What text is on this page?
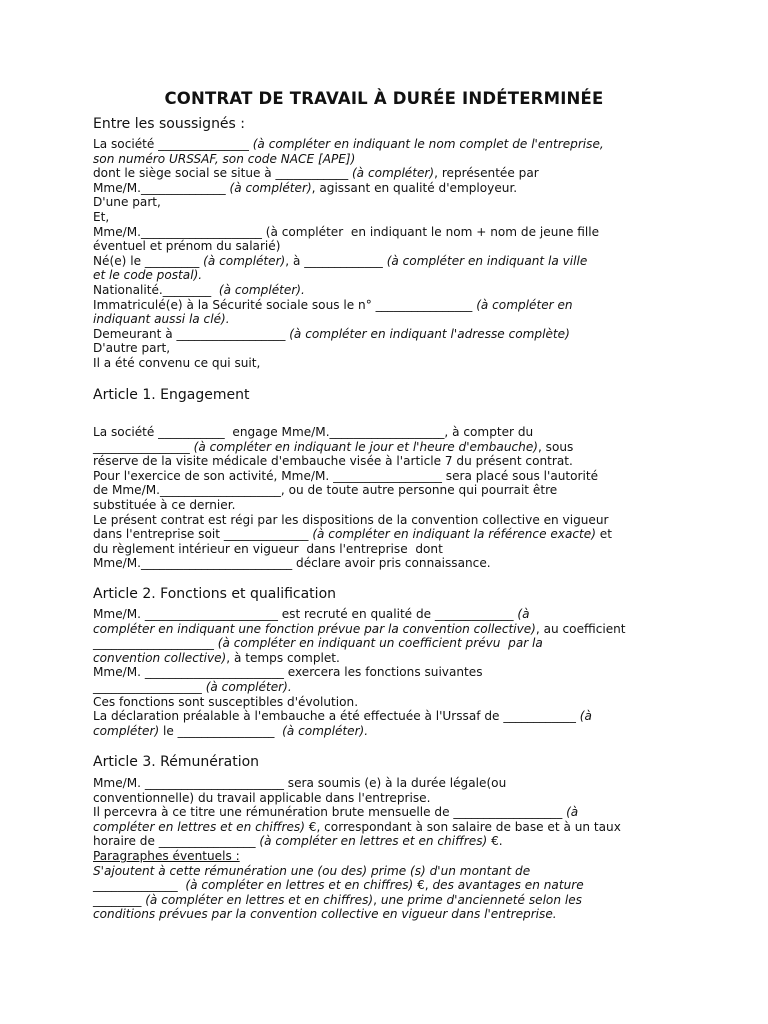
CONTRAT DE TRAVAIL À DURÉE INDÉTERMINÉE
Entre les soussignés :
La société _______________ (à compléter en indiquant le nom complet de l'entreprise,
son numéro URSSAF, son code NACE [APE])
dont le siège social se situe à ____________ (à compléter), représentée par
Mme/M.______________ (à compléter), agissant en qualité d'employeur.
D'une part,
Et,
Mme/M.____________________ (à compléter  en indiquant le nom + nom de jeune fille
éventuel et prénom du salarié)
Né(e) le _________ (à compléter), à _____________ (à compléter en indiquant la ville
et le code postal).
Nationalité.________  (à compléter).
Immatriculé(e) à la Sécurité sociale sous le n° ________________ (à compléter en
indiquant aussi la clé).
Demeurant à __________________ (à compléter en indiquant l'adresse complète)
D'autre part,
Il a été convenu ce qui suit,
Article 1. Engagement
La société ___________  engage Mme/M.___________________, à compter du
________________ (à compléter en indiquant le jour et l'heure d'embauche), sous
réserve de la visite médicale d'embauche visée à l'article 7 du présent contrat.
Pour l'exercice de son activité, Mme/M. __________________ sera placé sous l'autorité
de Mme/M.____________________, ou de toute autre personne qui pourrait être
substituée à ce dernier.
Le présent contrat est régi par les dispositions de la convention collective en vigueur
dans l'entreprise soit ______________ (à compléter en indiquant la référence exacte) et
du règlement intérieur en vigueur  dans l'entreprise  dont
Mme/M._________________________ déclare avoir pris connaissance.
Article 2. Fonctions et qualification
Mme/M. ______________________ est recruté en qualité de _____________ (à
compléter en indiquant une fonction prévue par la convention collective), au coefficient
____________________ (à compléter en indiquant un coefficient prévu  par la
convention collective), à temps complet.
Mme/M. _______________________ exercera les fonctions suivantes
__________________ (à compléter).
Ces fonctions sont susceptibles d'évolution.
La déclaration préalable à l'embauche a été effectuée à l'Urssaf de ____________ (à
compléter) le ________________  (à compléter).
Article 3. Rémunération
Mme/M. _______________________ sera soumis (e) à la durée légale(ou
conventionnelle) du travail applicable dans l'entreprise.
Il percevra à ce titre une rémunération brute mensuelle de __________________ (à
compléter en lettres et en chiffres) €, correspondant à son salaire de base et à un taux
horaire de ________________ (à compléter en lettres et en chiffres) €.
Paragraphes éventuels :
S'ajoutent à cette rémunération une (ou des) prime (s) d'un montant de
______________  (à compléter en lettres et en chiffres) €, des avantages en nature
________ (à compléter en lettres et en chiffres), une prime d'ancienneté selon les
conditions prévues par la convention collective en vigueur dans l'entreprise.
